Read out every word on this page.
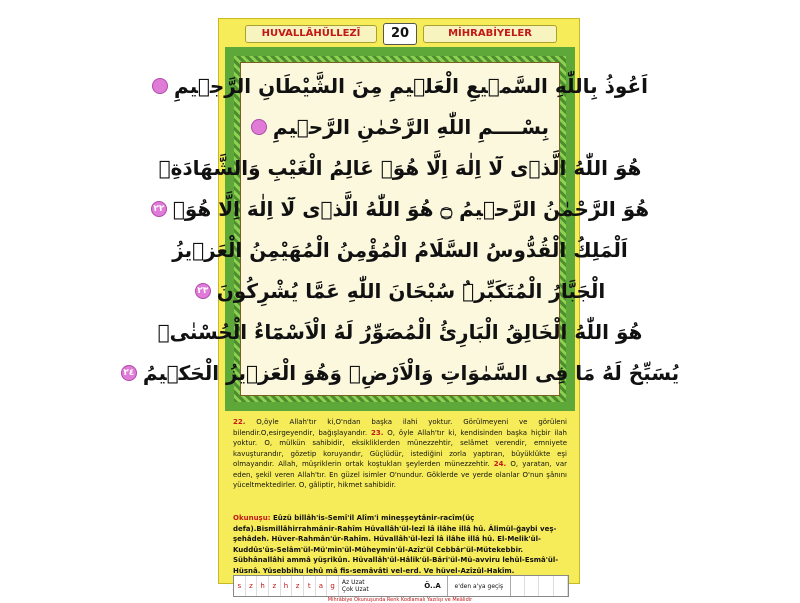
HUVALLÂHÜLLEZÎ	20	MİHRABİYELER
اَعُوذُ بِاللّٰهِ السَّمٖيعِ الْعَلٖيمِ مِنَ الشَّيْطَانِ الرَّجٖيمِ
بِسْــــمِ اللّٰهِ الرَّحْمٰنِ الرَّحٖيمِ
هُوَ اللّٰهُ الَّذٖى لَٓا اِلٰهَ اِلَّا هُوَۚ عَالِمُ الْغَيْبِ وَالشَّهَادَةِۚ
هُوَ الرَّحْمٰنُ الرَّحٖيمُ ۝ هُوَ اللّٰهُ الَّذٖى لَٓا اِلٰهَ اِلَّا هُوَۚ
٢٢
اَلْمَلِكُ الْقُدُّوسُ السَّلَامُ الْمُؤْمِنُ الْمُهَيْمِنُ الْعَزٖيزُ
الْجَبَّارُ الْمُتَكَبِّرُۜ سُبْحَانَ اللّٰهِ عَمَّا يُشْرِكُونَ
٢٣
هُوَ اللّٰهُ الْخَالِقُ الْبَارِئُ الْمُصَوِّرُ لَهُ الْاَسْمَٓاءُ الْحُسْنٰىۜ
يُسَبِّحُ لَهُ مَا فِى السَّمٰوَاتِ وَالْاَرْضِۚ وَهُوَ الْعَزٖيزُ الْحَكٖيمُ
٢٤
22. O,öyle Allah'tır ki,O'ndan başka ilahi yoktur. Görülmeyeni ve görüleni bilendir.O,esirgeyendir, bağışlayandır. 23. O, öyle Allah'tır ki, kendisinden başka hiçbir ilah yoktur. O, mülkün sahibidir, eksikliklerden münezzehtir, selâmet verendir, emniyete kavuşturandır, gözetip koruyandır, Güçlüdür, istediğini zorla yaptıran, büyüklükte eşi olmayandır. Allah, müşriklerin ortak koştukları şeylerden münezzehtir. 24. O, yaratan, var eden, şekil veren Allah'tır. En güzel isimler O'nundur. Göklerde ve yerde olanlar O'nun şânını yüceltmektedirler. O, gâliptir, hikmet sahibidir.
Okunuşu: Eûzü billâh'is-Semî'il Alîm'i mineşşeytânir-racîm(üç defa).Bismillâhirrahmânir-Rahîm Hüvallâh'ül-lezî lâ ilâhe illâ hû. Âlimül-ğaybi veş-şehâdeh. Hüver-Rahmân'ür-Rahîm. Hüvallâh'ül-lezî lâ ilâhe illâ hû. El-Melik'ül-Kuddûs'üs-Selâm'ül-Mü'min'ül-Müheymin'ül-Azîz'ül Cebbâr'ül-Mütekebbir. Sübhânallâhi ammâ yüşrikûn. Hüvallâh'ül-Hâlik'ül-Bâri'ül-Mü-avviru lehül-Esmâ'ül-Hüsnâ. Yüsebbihu lehû mâ fis-semâvâti vel-erd. Ve hüvel-Azîzül-Hakîm.
s	z	h	z	h	z	t	a	g	Az Uzat
Çok Uzat	Ö..A	e'den a'ya geçiş
Mihrâbiye Okunuşunda Renk Kodlamalı Yazılışı ve Meâlidir
